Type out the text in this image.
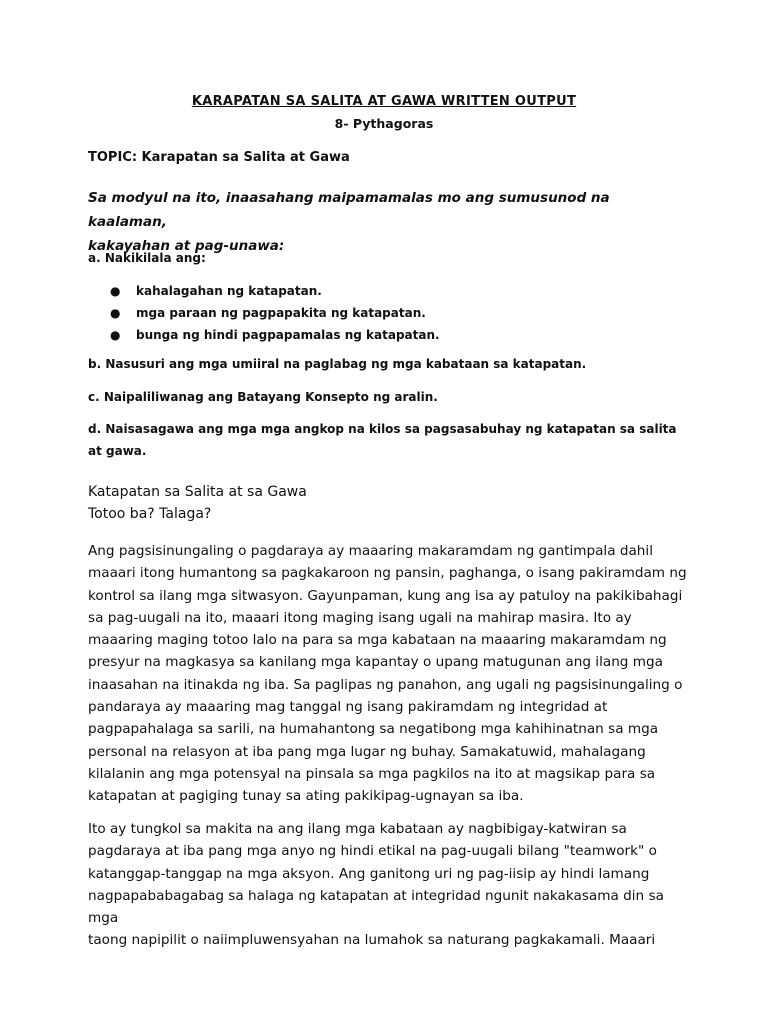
KARAPATAN SA SALITA AT GAWA WRITTEN OUTPUT
8- Pythagoras
TOPIC: Karapatan sa Salita at Gawa
Sa modyul na ito, inaasahang maipamamalas mo ang sumusunod na kaalaman,
kakayahan at pag-unawa:
a. Nakikilala ang:
● kahalagahan ng katapatan.
● mga paraan ng pagpapakita ng katapatan.
● bunga ng hindi pagpapamalas ng katapatan.
b. Nasusuri ang mga umiiral na paglabag ng mga kabataan sa katapatan.
c. Naipaliliwanag ang Batayang Konsepto ng aralin.
d. Naisasagawa ang mga mga angkop na kilos sa pagsasabuhay ng katapatan sa salita
at gawa.
Katapatan sa Salita at sa Gawa
Totoo ba? Talaga?
Ang pagsisinungaling o pagdaraya ay maaaring makaramdam ng gantimpala dahil
maaari itong humantong sa pagkakaroon ng pansin, paghanga, o isang pakiramdam ng
kontrol sa ilang mga sitwasyon. Gayunpaman, kung ang isa ay patuloy na pakikibahagi
sa pag-uugali na ito, maaari itong maging isang ugali na mahirap masira. Ito ay
maaaring maging totoo lalo na para sa mga kabataan na maaaring makaramdam ng
presyur na magkasya sa kanilang mga kapantay o upang matugunan ang ilang mga
inaasahan na itinakda ng iba. Sa paglipas ng panahon, ang ugali ng pagsisinungaling o
pandaraya ay maaaring mag tanggal ng isang pakiramdam ng integridad at
pagpapahalaga sa sarili, na humahantong sa negatibong mga kahihinatnan sa mga
personal na relasyon at iba pang mga lugar ng buhay. Samakatuwid, mahalagang
kilalanin ang mga potensyal na pinsala sa mga pagkilos na ito at magsikap para sa
katapatan at pagiging tunay sa ating pakikipag-ugnayan sa iba.
Ito ay tungkol sa makita na ang ilang mga kabataan ay nagbibigay-katwiran sa
pagdaraya at iba pang mga anyo ng hindi etikal na pag-uugali bilang "teamwork" o
katanggap-tanggap na mga aksyon. Ang ganitong uri ng pag-iisip ay hindi lamang
nagpapababagabag sa halaga ng katapatan at integridad ngunit nakakasama din sa mga
taong napipilit o naiimpluwensyahan na lumahok sa naturang pagkakamali. Maaari
